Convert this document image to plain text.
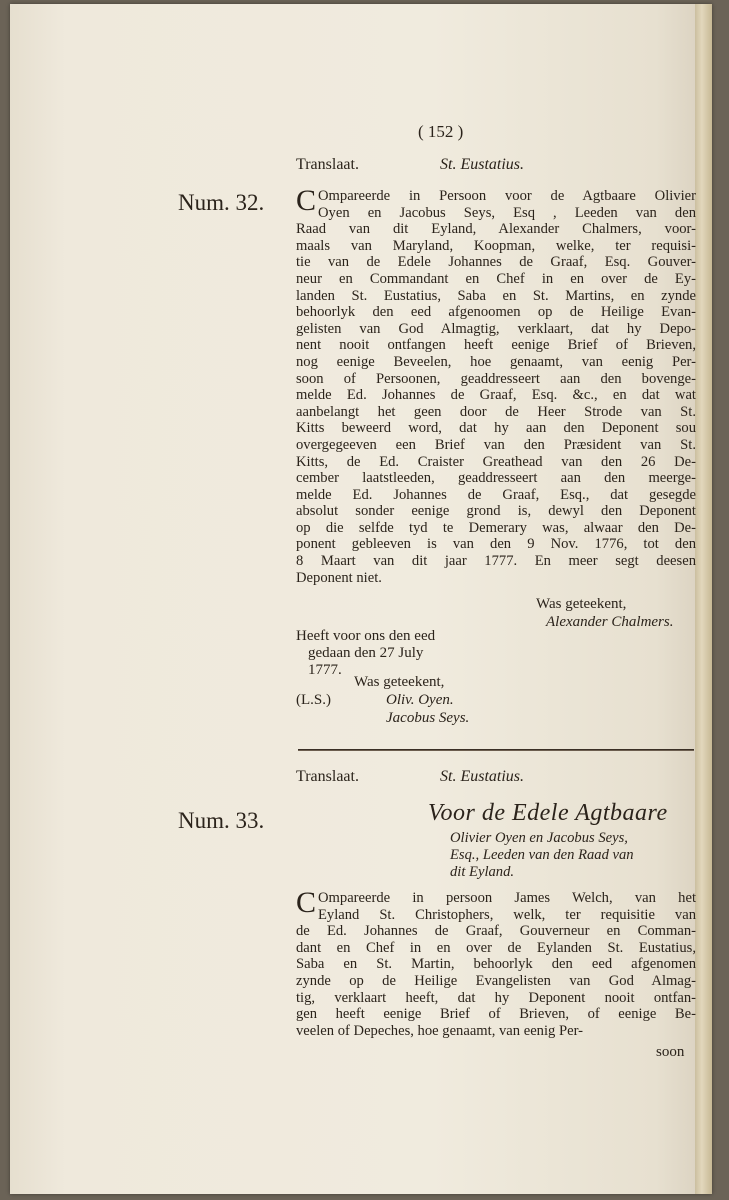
( 152 )
Translaat.	St. Eustatius.
Num. 32. C Ompareerde in Persoon voor de Agtbaare Olivier
Oyen en Jacobus Seys, Esq , Leeden van den
Raad van dit Eyland, Alexander Chalmers, voor-
maals van Maryland, Koopman, welke, ter requisi-
tie van de Edele Johannes de Graaf, Esq. Gouver-
neur en Commandant en Chef in en over de Ey-
landen St. Eustatius, Saba en St. Martins, en zynde
behoorlyk den eed afgenoomen op de Heilige Evan-
gelisten van God Almagtig, verklaart, dat hy Depo-
nent nooit ontfangen heeft eenige Brief of Brieven,
nog eenige Beveelen, hoe genaamt, van eenig Per-
soon of Persoonen, geaddresseert aan den bovenge-
melde Ed. Johannes de Graaf, Esq. &c., en dat wat
aanbelangt het geen door de Heer Strode van St.
Kitts beweerd word, dat hy aan den Deponent sou
overgegeeven een Brief van den Præsident van St.
Kitts, de Ed. Craister Greathead van den 26 De-
cember laatstleeden, geaddresseert aan den meerge-
melde Ed. Johannes de Graaf, Esq., dat gesegde
absolut sonder eenige grond is, dewyl den Deponent
op die selfde tyd te Demerary was, alwaar den De-
ponent gebleeven is van den 9 Nov. 1776, tot den
8 Maart van dit jaar 1777. En meer segt deesen
Deponent niet.
Was geteekent,
Alexander Chalmers.
Heeft voor ons den eed
gedaan den 27 July
1777.
Was geteekent,
(L.S.)	Oliv. Oyen.
Jacobus Seys.
Translaat.	St. Eustatius.
Num. 33.	Voor de Edele Agtbaare
Olivier Oyen en Jacobus Seys,
Esq., Leeden van den Raad van
dit Eyland.
C Ompareerde in persoon James Welch, van het
Eyland St. Christophers, welk, ter requisitie van
de Ed. Johannes de Graaf, Gouverneur en Comman-
dant en Chef in en over de Eylanden St. Eustatius,
Saba en St. Martin, behoorlyk den eed afgenomen
zynde op de Heilige Evangelisten van God Almag-
tig, verklaart heeft, dat hy Deponent nooit ontfan-
gen heeft eenige Brief of Brieven, of eenige Be-
veelen of Depeches, hoe genaamt, van eenig Per-
soon
